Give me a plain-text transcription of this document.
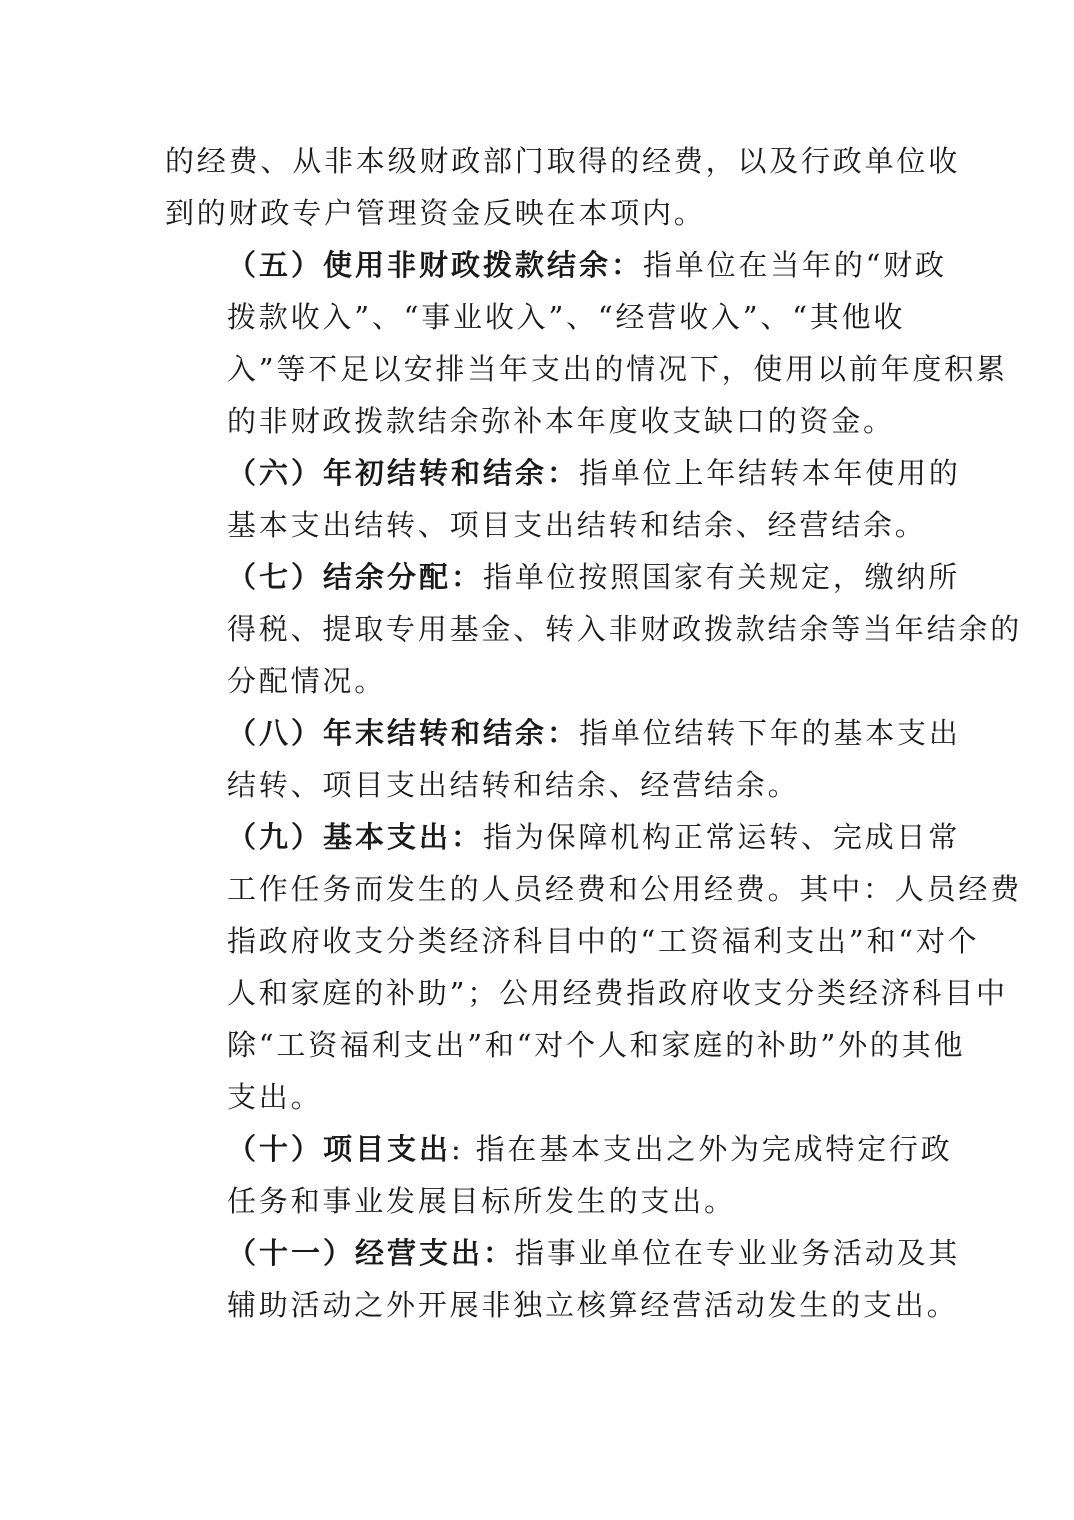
的经费、从非本级财政部门取得的经费，以及行政单位收
到的财政专户管理资金反映在本项内。

（五）使用非财政拨款结余：指单位在当年的“财政
拨款收入”、“事业收入”、“经营收入”、“其他收
入”等不足以安排当年支出的情况下，使用以前年度积累
的非财政拨款结余弥补本年度收支缺口的资金。

（六）年初结转和结余：指单位上年结转本年使用的
基本支出结转、项目支出结转和结余、经营结余。

（七）结余分配：指单位按照国家有关规定，缴纳所
得税、提取专用基金、转入非财政拨款结余等当年结余的
分配情况。

（八）年末结转和结余：指单位结转下年的基本支出
结转、项目支出结转和结余、经营结余。

（九）基本支出：指为保障机构正常运转、完成日常
工作任务而发生的人员经费和公用经费。其中：人员经费
指政府收支分类经济科目中的“工资福利支出”和“对个
人和家庭的补助”；公用经费指政府收支分类经济科目中
除“工资福利支出”和“对个人和家庭的补助”外的其他
支出。

（十）项目支出: 指在基本支出之外为完成特定行政
任务和事业发展目标所发生的支出。

（十一）经营支出：指事业单位在专业业务活动及其
辅助活动之外开展非独立核算经营活动发生的支出。
